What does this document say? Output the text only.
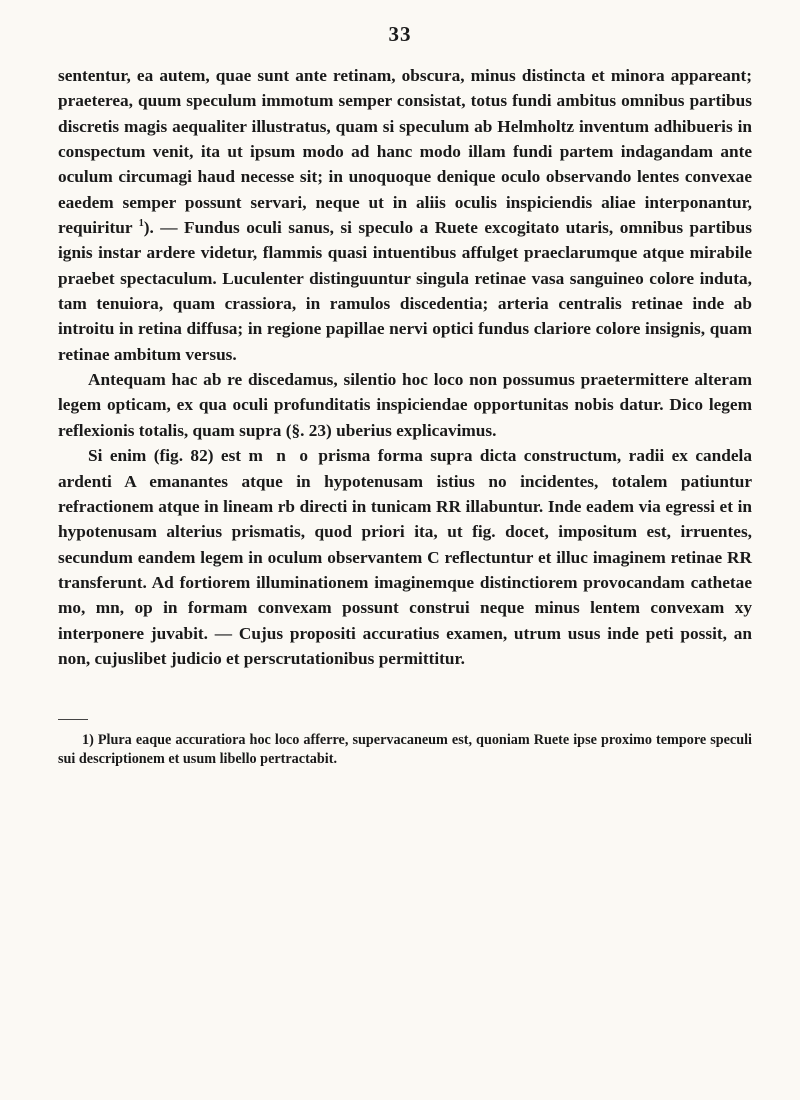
33

sententur, ea autem, quae sunt ante retinam, obscura, minus distincta et minora appareant; praeterea, quum speculum immotum semper consistat, totus fundi ambitus omnibus partibus discretis magis aequaliter illustratus, quam si speculum ab Helmholtz inventum adhibueris in conspectum venit, ita ut ipsum modo ad hanc modo illam fundi partem indagandam ante oculum circumagi haud necesse sit; in unoquoque denique oculo observando lentes convexae eaedem semper possunt servari, neque ut in aliis oculis inspiciendis aliae interponantur, requiritur $^1$). — Fundus oculi sanus, si speculo a Ruete excogitato utaris, omnibus partibus ignis instar ardere videtur, flammis quasi intuentibus affulget praeclarumque atque mirabile praebet spectaculum. Luculenter distinguuntur singula retinae vasa sanguineo colore induta, tam tenuiora, quam crassiora, in ramulos discedentia; arteria centralis retinae inde ab introitu in retina diffusa; in regione papillae nervi optici fundus clariore colore insignis, quam retinae ambitum versus.

Antequam hac ab re discedamus, silentio hoc loco non possumus praetermittere alteram legem opticam, ex qua oculi profunditatis inspiciendae opportunitas nobis datur. Dico legem reflexionis totalis, quam supra (§. 23) uberius explicavimus.

Si enim (fig. 82) est m n o prisma forma supra dicta constructum, radii ex candela ardenti A emanantes atque in hypotenusam istius no incidentes, totalem patiuntur refractionem atque in lineam rb directi in tunicam RR illabuntur. Inde eadem via egressi et in hypotenusam alterius prismatis, quod priori ita, ut fig. docet, impositum est, irruentes, secundum eandem legem in oculum observantem C reflectuntur et illuc imaginem retinae RR transferunt. Ad fortiorem illuminationem imaginemque distinctiorem provocandam cathetae mo, mn, op in formam convexam possunt construi neque minus lentem convexam xy interponere juvabit. — Cujus propositi accuratius examen, utrum usus inde peti possit, an non, cujuslibet judicio et perscrutationibus permittitur.

1) Plura eaque accuratiora hoc loco afferre, supervacaneum est, quoniam Ruete ipse proximo tempore speculi sui descriptionem et usum libello pertractabit.
